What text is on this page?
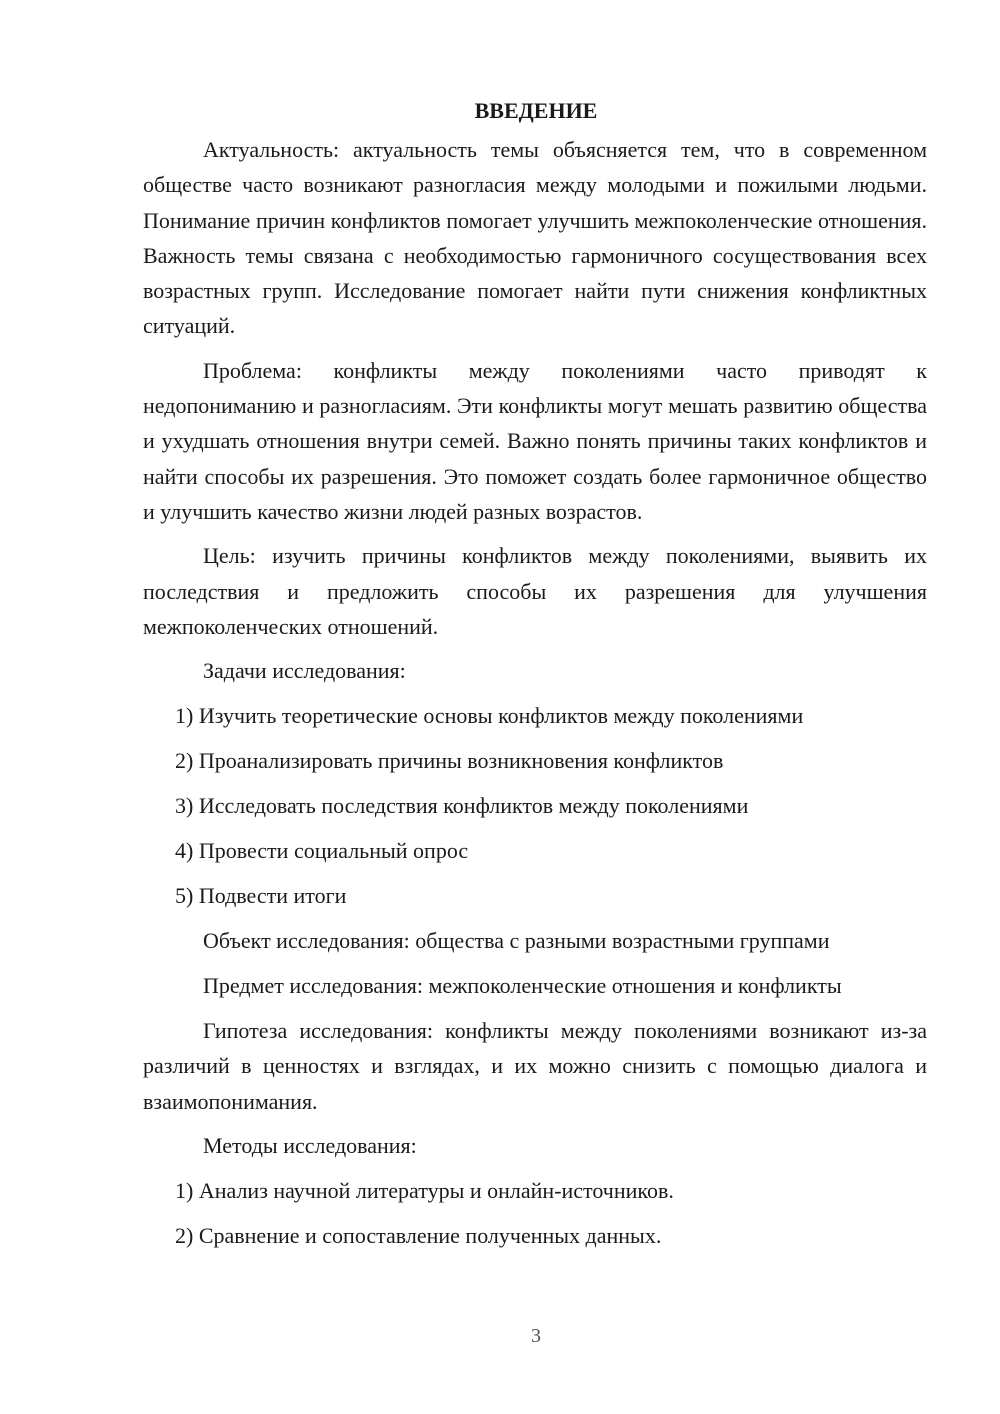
ВВЕДЕНИЕ

Актуальность: актуальность темы объясняется тем, что в современном обществе часто возникают разногласия между молодыми и пожилыми людьми. Понимание причин конфликтов помогает улучшить межпоколенческие отношения. Важность темы связана с необходимостью гармоничного сосуществования всех возрастных групп. Исследование помогает найти пути снижения конфликтных ситуаций.

Проблема: конфликты между поколениями часто приводят к недопониманию и разногласиям. Эти конфликты могут мешать развитию общества и ухудшать отношения внутри семей. Важно понять причины таких конфликтов и найти способы их разрешения. Это поможет создать более гармоничное общество и улучшить качество жизни людей разных возрастов.

Цель: изучить причины конфликтов между поколениями, выявить их последствия и предложить способы их разрешения для улучшения межпоколенческих отношений.

Задачи исследования:
1) Изучить теоретические основы конфликтов между поколениями
2) Проанализировать причины возникновения конфликтов
3) Исследовать последствия конфликтов между поколениями
4) Провести социальный опрос
5) Подвести итоги
Объект исследования: общества с разными возрастными группами
Предмет исследования: межпоколенческие отношения и конфликты

Гипотеза исследования: конфликты между поколениями возникают из-за различий в ценностях и взглядах, и их можно снизить с помощью диалога и взаимопонимания.

Методы исследования:
1) Анализ научной литературы и онлайн-источников.
2) Сравнение и сопоставление полученных данных.
3
